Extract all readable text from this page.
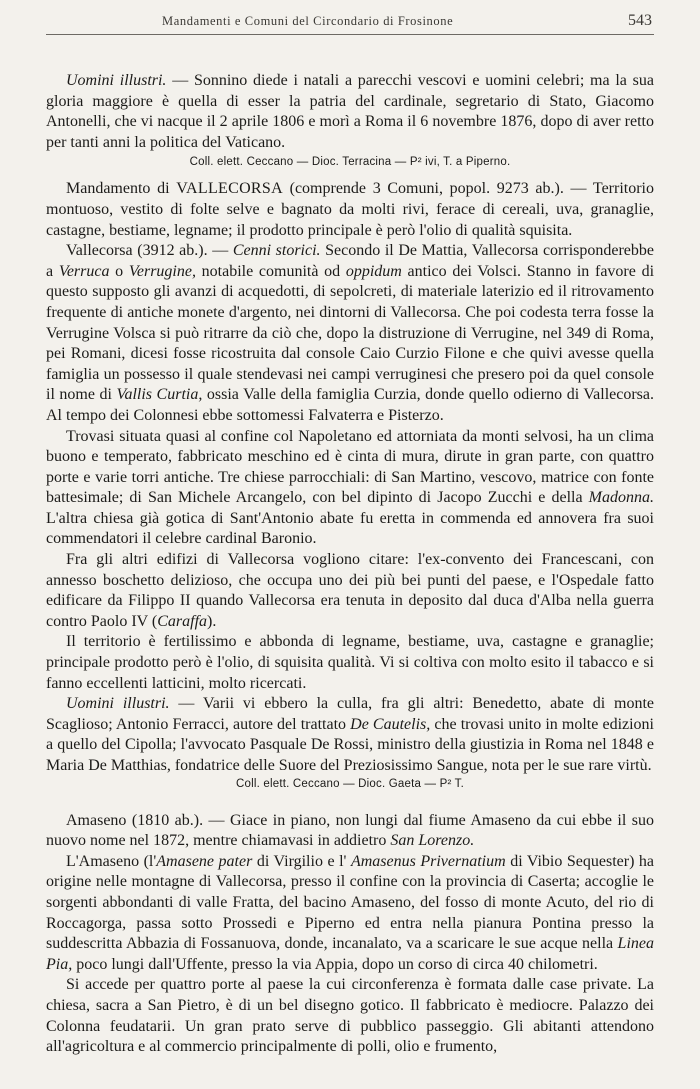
Mandamenti e Comuni del Circondario di Frosinone	543

Uomini illustri. — Sonnino diede i natali a parecchi vescovi e uomini celebri; ma la sua gloria maggiore è quella di esser la patria del cardinale, segretario di Stato, Giacomo Antonelli, che vi nacque il 2 aprile 1806 e morì a Roma il 6 novembre 1876, dopo di aver retto per tanti anni la politica del Vaticano.

Coll. elett. Ceccano — Dioc. Terracina — P² ivi, T. a Piperno.

Mandamento di VALLECORSA (comprende 3 Comuni, popol. 9273 ab.). — Territorio montuoso, vestito di folte selve e bagnato da molti rivi, ferace di cereali, uva, granaglie, castagne, bestiame, legname; il prodotto principale è però l'olio di qualità squisita.

Vallecorsa (3912 ab.). — Cenni storici. Secondo il De Mattia, Vallecorsa corrisponderebbe a Verruca o Verrugine, notabile comunità od oppidum antico dei Volsci. Stanno in favore di questo supposto gli avanzi di acquedotti, di sepolcreti, di materiale laterizio ed il ritrovamento frequente di antiche monete d'argento, nei dintorni di Vallecorsa. Che poi codesta terra fosse la Verrugine Volsca si può ritrarre da ciò che, dopo la distruzione di Verrugine, nel 349 di Roma, pei Romani, dicesi fosse ricostruita dal console Caio Curzio Filone e che quivi avesse quella famiglia un possesso il quale stendevasi nei campi verruginesi che presero poi da quel console il nome di Vallis Curtia, ossia Valle della famiglia Curzia, donde quello odierno di Vallecorsa. Al tempo dei Colonnesi ebbe sottomessi Falvaterra e Pisterzo.

Trovasi situata quasi al confine col Napoletano ed attorniata da monti selvosi, ha un clima buono e temperato, fabbricato meschino ed è cinta di mura, dirute in gran parte, con quattro porte e varie torri antiche. Tre chiese parrocchiali: di San Martino, vescovo, matrice con fonte battesimale; di San Michele Arcangelo, con bel dipinto di Jacopo Zucchi e della Madonna. L'altra chiesa già gotica di Sant'Antonio abate fu eretta in commenda ed annovera fra suoi commendatori il celebre cardinal Baronio.

Fra gli altri edifizi di Vallecorsa vogliono citare: l'ex-convento dei Francescani, con annesso boschetto delizioso, che occupa uno dei più bei punti del paese, e l'Ospedale fatto edificare da Filippo II quando Vallecorsa era tenuta in deposito dal duca d'Alba nella guerra contro Paolo IV (Caraffa).

Il territorio è fertilissimo e abbonda di legname, bestiame, uva, castagne e granaglie; principale prodotto però è l'olio, di squisita qualità. Vi si coltiva con molto esito il tabacco e si fanno eccellenti latticini, molto ricercati.

Uomini illustri. — Varii vi ebbero la culla, fra gli altri: Benedetto, abate di monte Scaglioso; Antonio Ferracci, autore del trattato De Cautelis, che trovasi unito in molte edizioni a quello del Cipolla; l'avvocato Pasquale De Rossi, ministro della giustizia in Roma nel 1848 e Maria De Matthias, fondatrice delle Suore del Preziosissimo Sangue, nota per le sue rare virtù.

Coll. elett. Ceccano — Dioc. Gaeta — P² T.

Amaseno (1810 ab.). — Giace in piano, non lungi dal fiume Amaseno da cui ebbe il suo nuovo nome nel 1872, mentre chiamavasi in addietro San Lorenzo.

L'Amaseno (l'Amasene pater di Virgilio e l' Amasenus Privernatium di Vibio Sequester) ha origine nelle montagne di Vallecorsa, presso il confine con la provincia di Caserta; accoglie le sorgenti abbondanti di valle Fratta, del bacino Amaseno, del fosso di monte Acuto, del rio di Roccagorga, passa sotto Prossedi e Piperno ed entra nella pianura Pontina presso la suddescritta Abbazia di Fossanuova, donde, incanalato, va a scaricare le sue acque nella Linea Pia, poco lungi dall'Uffente, presso la via Appia, dopo un corso di circa 40 chilometri.

Si accede per quattro porte al paese la cui circonferenza è formata dalle case private. La chiesa, sacra a San Pietro, è di un bel disegno gotico. Il fabbricato è mediocre. Palazzo dei Colonna feudatarii. Un gran prato serve di pubblico passeggio. Gli abitanti attendono all'agricoltura e al commercio principalmente di polli, olio e frumento,
